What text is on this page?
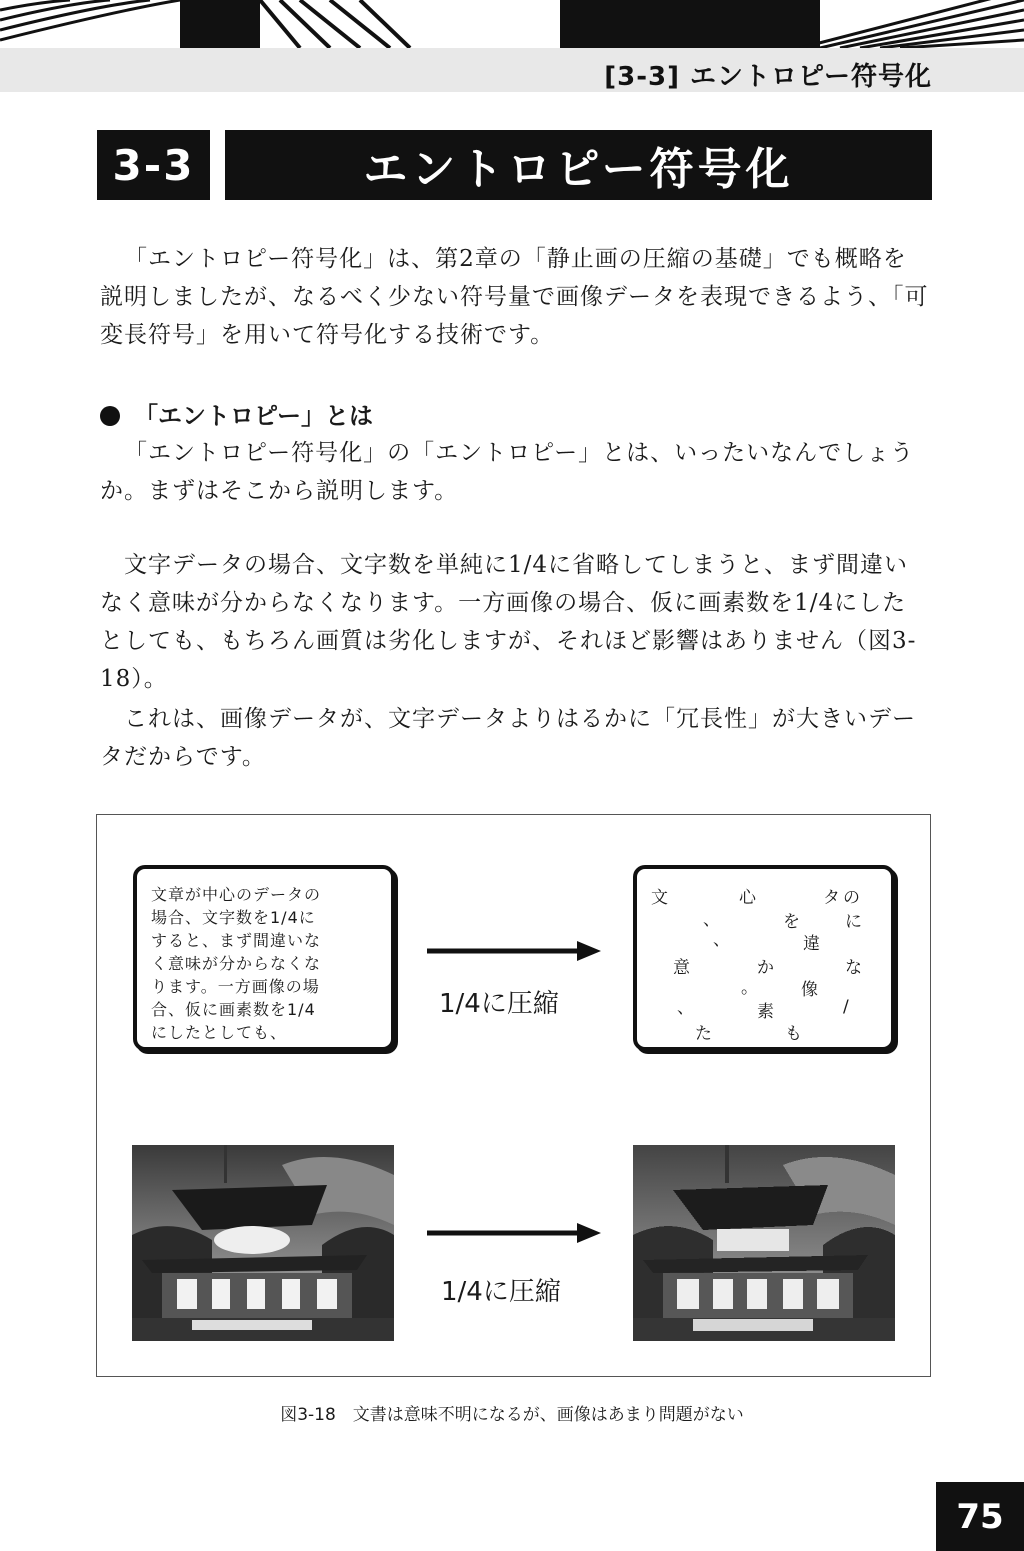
[3-3] エントロピー符号化
3-3	エントロピー符号化

「エントロピー符号化」は、第2章の「静止画の圧縮の基礎」でも概略を
説明しましたが、なるべく少ない符号量で画像データを表現できるよう、「可
変長符号」を用いて符号化する技術です。

「エントロピー」とは

「エントロピー符号化」の「エントロピー」とは、いったいなんでしょう
か。まずはそこから説明します。

文字データの場合、文字数を単純に1/4に省略してしまうと、まず間違い
なく意味が分からなくなります。一方画像の場合、仮に画素数を1/4にした
としても、もちろん画質は劣化しますが、それほど影響はありません（図3-
18）。

これは、画像データが、文字データよりはるかに「冗長性」が大きいデー
タだからです。

文章が中心のデータの
場合、文字数を1/4に
すると、まず間違いな
く意味が分からなくな
ります。一方画像の場
合、仮に画素数を1/4
にしたとしても、
1/4に圧縮
文	心	タ の
、	を	に
、	違
意	か	な
。	像
、	素	/
た	も
1/4に圧縮
図3-18　文書は意味不明になるが、画像はあまり問題がない
75
